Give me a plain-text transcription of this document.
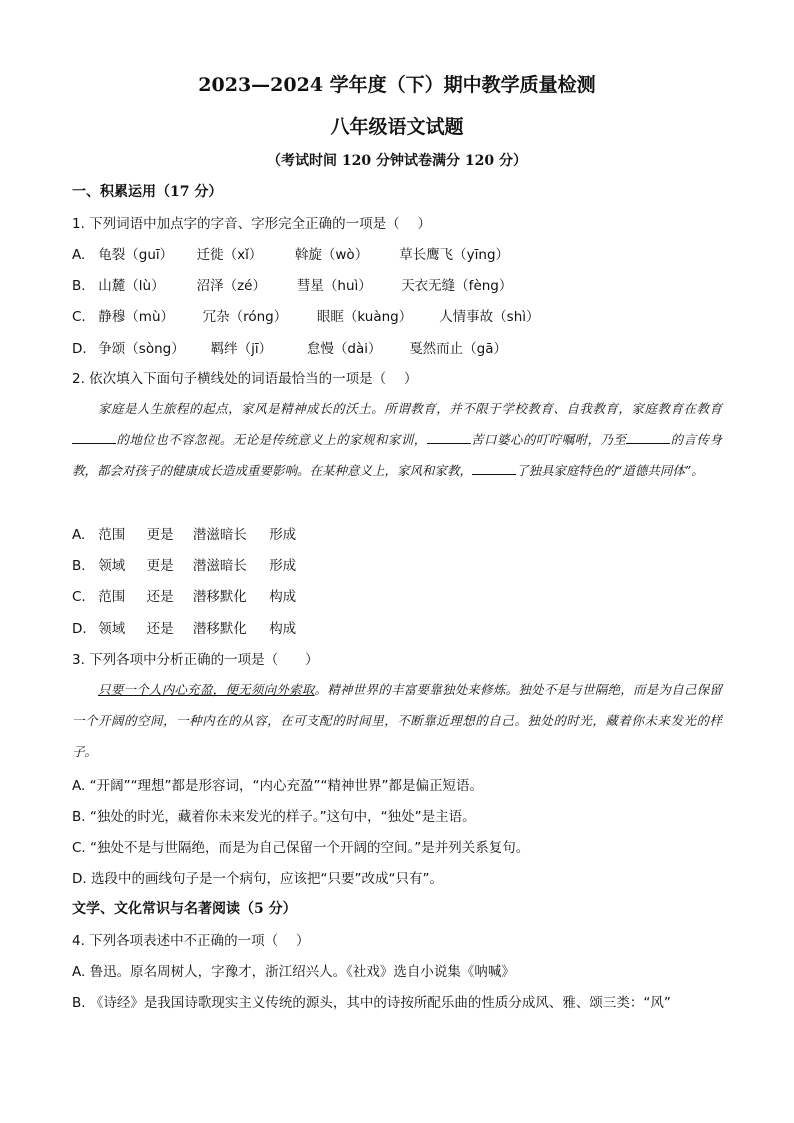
2023—2024 学年度（下）期中教学质量检测
八年级语文试题
（考试时间 120 分钟试卷满分 120 分）
一、积累运用（17 分）
1. 下列词语中加点字的字音、字形完全正确的一项是（　 ）
A. 龟裂（guī） 迁徙（xǐ） 斡旋（wò） 草长鹰飞（yīng）
B. 山麓（lù） 沼泽（zé） 彗星（huì） 天衣无缝（fèng）
C. 静穆（mù） 冗杂（róng） 眼眶（kuàng） 人情事故（shì）
D. 争颂（sòng） 羁绊（jī）	怠慢（dài） 戛然而止（gā）
2. 依次填入下面句子横线处的词语最恰当的一项是（　 ）
家庭是人生旅程的起点，家风是精神成长的沃土。所谓教育，并不限于学校教育、自我教育，家庭教育在教育的地位也不容忽视。无论是传统意义上的家规和家训，	苦口婆心的叮咛嘱咐，乃至	的言传身教，都会对孩子的健康成长造成重要影响。在某种意义上，家风和家教，	了独具家庭特色的“道德共同体”。
A. 范围 更是 潜滋暗长 形成
B. 领域 更是 潜滋暗长 形成
C. 范围 还是 潜移默化 构成
D. 领域 还是 潜移默化 构成
3. 下列各项中分析正确的一项是（　　）
只要一个人内心充盈，便无须向外索取。精神世界的丰富要靠独处来修炼。独处不是与世隔绝，而是为自己保留一个开阔的空间，一种内在的从容，在可支配的时间里，不断靠近理想的自己。独处的时光，藏着你未来发光的样子。
A. “开阔”“理想”都是形容词，“内心充盈”“精神世界”都是偏正短语。
B. “独处的时光，藏着你未来发光的样子。”这句中，“独处”是主语。
C. “独处不是与世隔绝，而是为自己保留一个开阔的空间。”是并列关系复句。
D. 选段中的画线句子是一个病句，应该把“只要”改成“只有”。
文学、文化常识与名著阅读（5 分）
4. 下列各项表述中不正确的一项（　 ）
A. 鲁迅。原名周树人，字豫才，浙江绍兴人。《社戏》选自小说集《呐喊》
B. 《诗经》是我国诗歌现实主义传统的源头，其中的诗按所配乐曲的性质分成风、雅、颂三类：“风”
